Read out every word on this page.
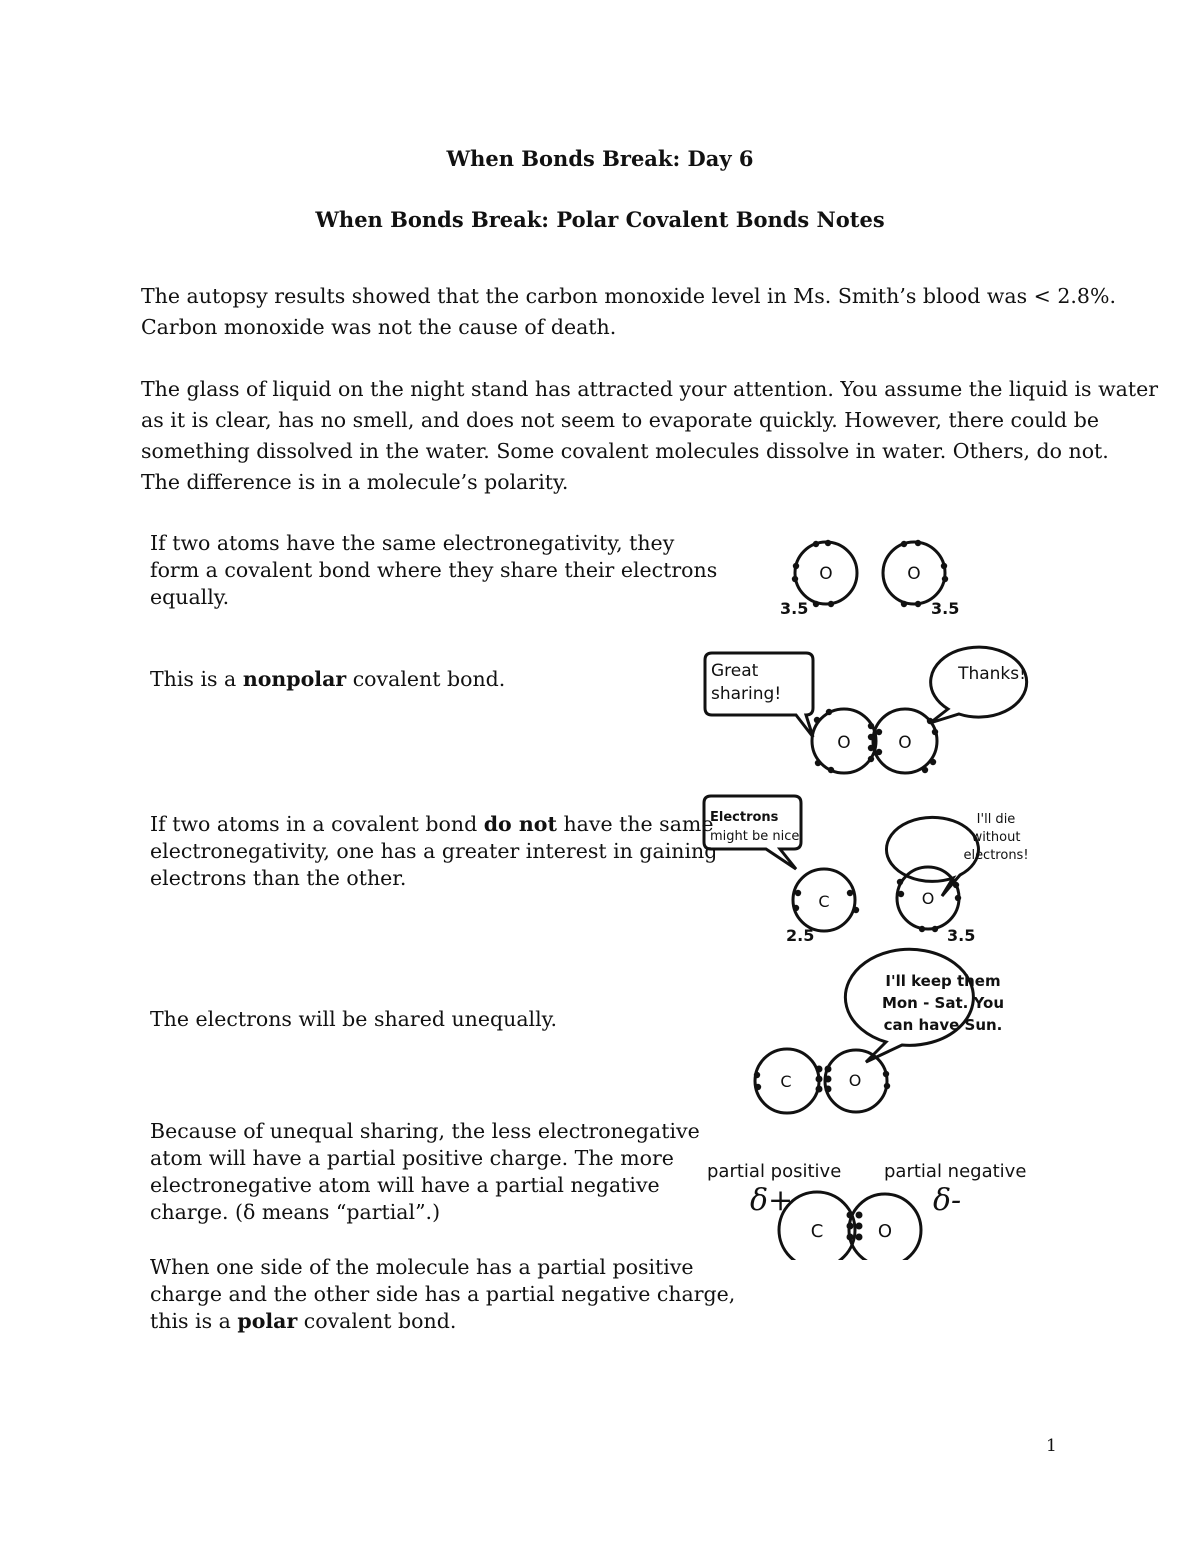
When Bonds Break: Day 6
When Bonds Break: Polar Covalent Bonds Notes
The autopsy results showed that the carbon monoxide level in Ms. Smith’s blood was < 2.8%.
Carbon monoxide was not the cause of death.
The glass of liquid on the night stand has attracted your attention. You assume the liquid is water
as it is clear, has no smell, and does not seem to evaporate quickly. However, there could be
something dissolved in the water. Some covalent molecules dissolve in water. Others, do not.
The difference is in a molecule’s polarity.
If two atoms have the same electronegativity, they
form a covalent bond where they share their electrons
equally.
This is a nonpolar covalent bond.
If two atoms in a covalent bond do not have the same
electronegativity, one has a greater interest in gaining
electrons than the other.
The electrons will be shared unequally.
Because of unequal sharing, the less electronegative
atom will have a partial positive charge. The more
electronegative atom will have a partial negative
charge. (δ means “partial”.)
When one side of the molecule has a partial positive
charge and the other side has a partial negative charge,
this is a polar covalent bond.
O	O
3.5	3.5
Great
sharing!
Thanks!
O	O
Electrons
might be nice.
I'll die
without
electrons!
C	O
2.5	3.5
I'll keep them
Mon - Sat. You
can have Sun.
C	O
partial positive partial negative
δ+	δ-
C	O
1
